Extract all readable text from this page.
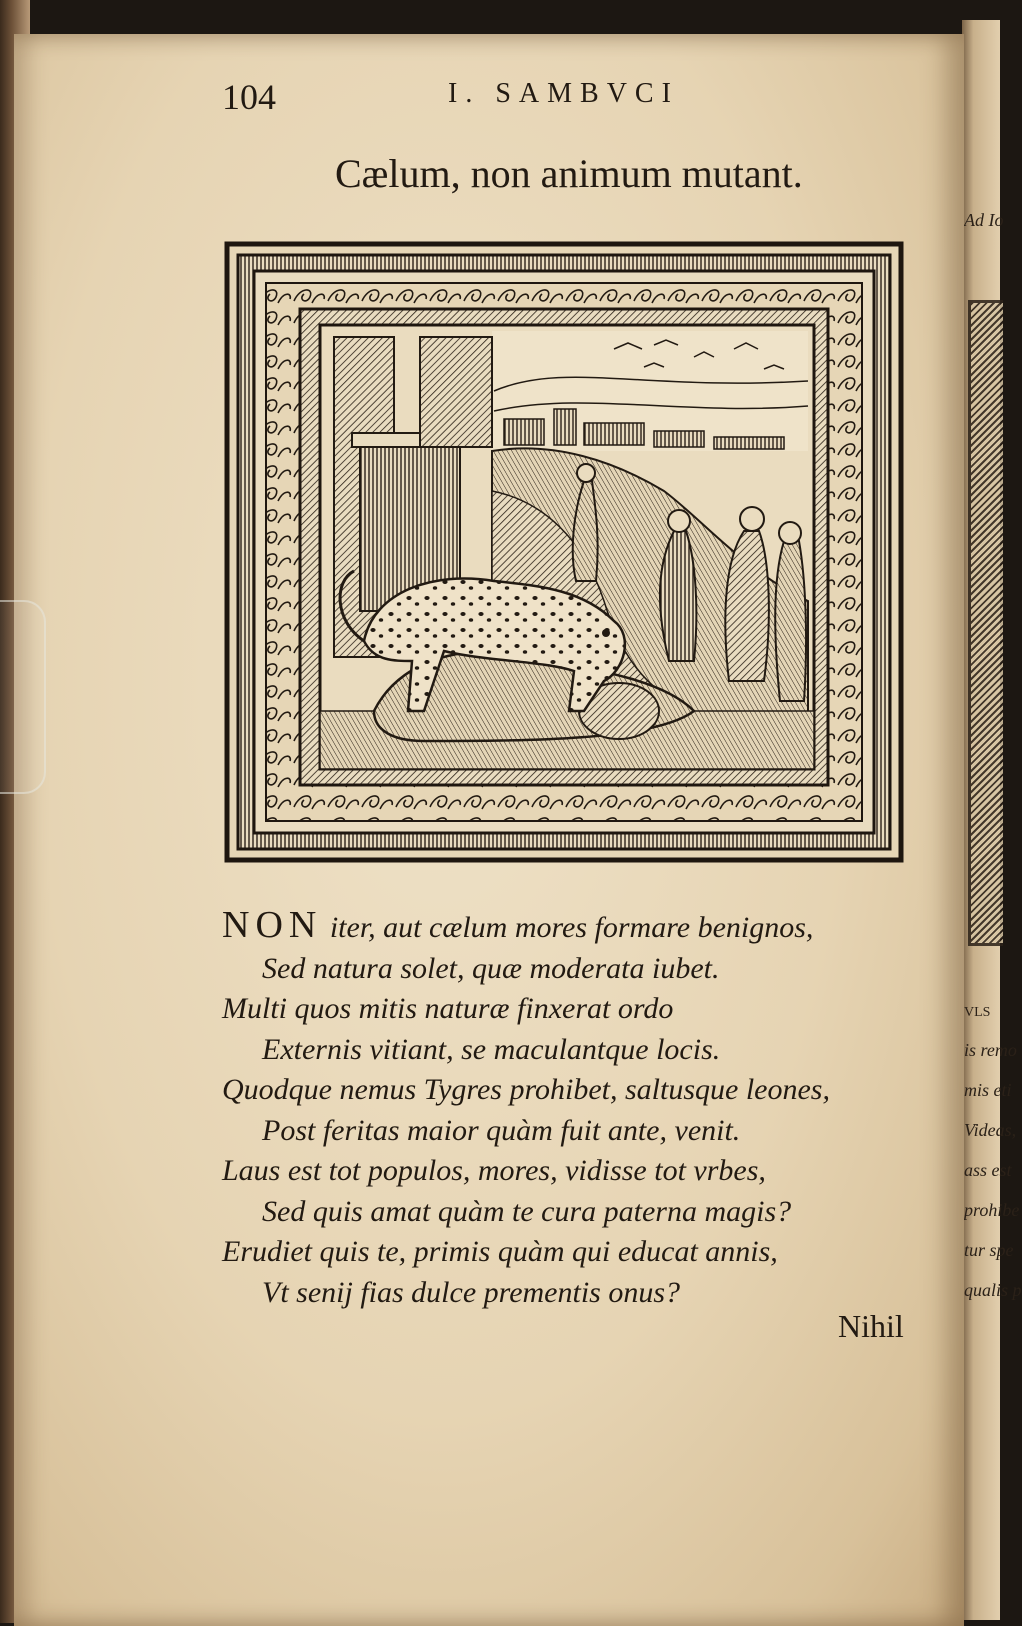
Ad Io
VLS
is remo
mis eti
Videas,
ass est
prohibe
tur spe
qualis p
104	I. SAMBVCI
Cælum, non animum mutant.
NON iter, aut cælum mores formare benignos,
Sed natura solet, quæ moderata iubet.
Multi quos mitis naturæ finxerat ordo
Externis vitiant, se maculantque locis.
Quodque nemus Tygres prohibet, saltusque leones,
Post feritas maior quàm fuit ante, venit.
Laus est tot populos, mores, vidisse tot vrbes,
Sed quis amat quàm te cura paterna magis?
Erudiet quis te, primis quàm qui educat annis,
Vt senij fias dulce prementis onus?
Nihil
